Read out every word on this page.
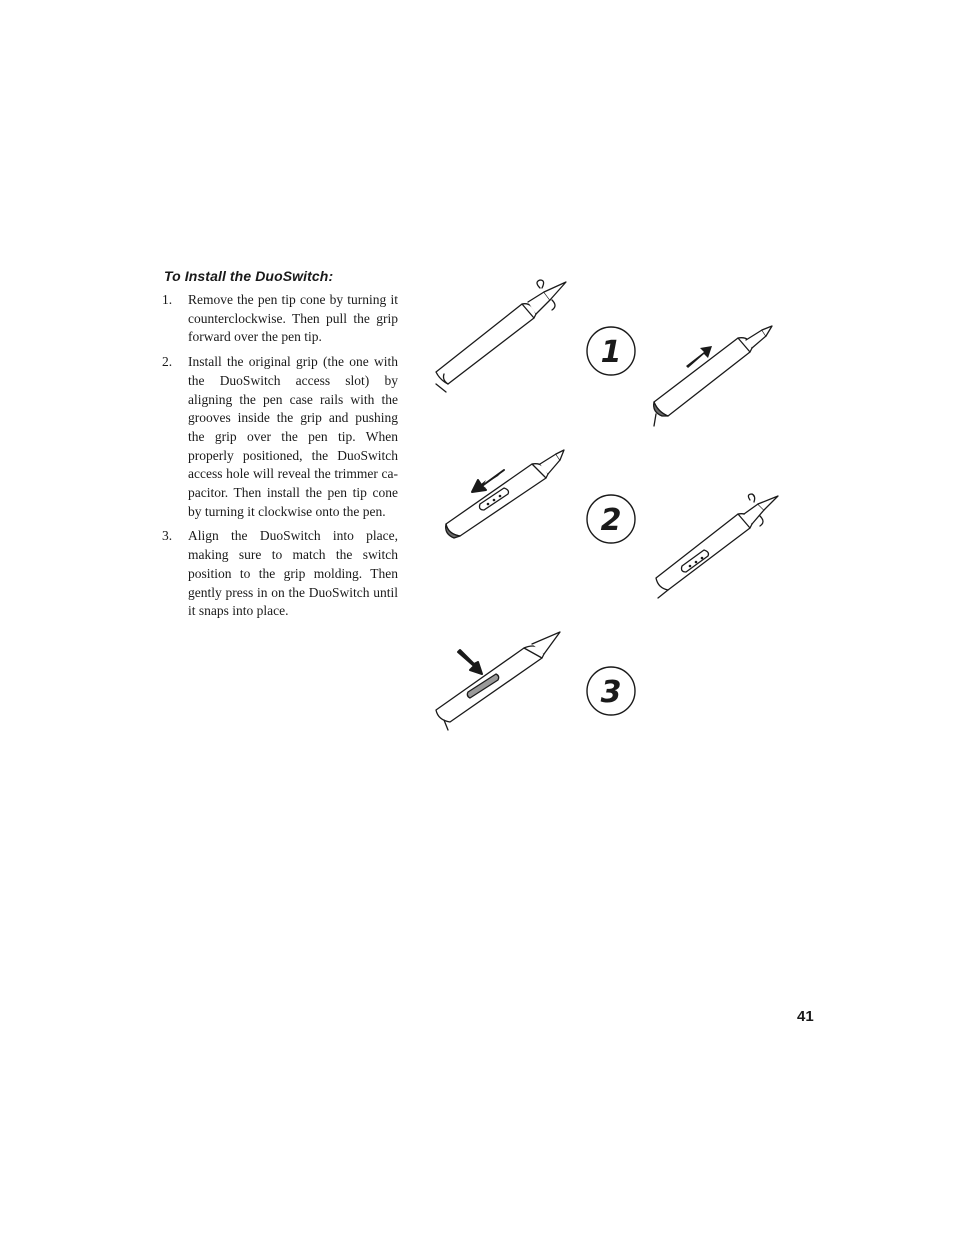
To Install the DuoSwitch:
1. Remove the pen tip cone by turning it counterclockwise. Then pull the grip forward over the pen tip.
2. Install the original grip (the one with the DuoSwitch access slot) by aligning the pen case rails with the grooves inside the grip and pushing the grip over the pen tip. When properly positioned, the DuoSwitch access hole will reveal the trimmer capacitor. Then install the pen tip cone by turning it clockwise onto the pen.
3. Align the DuoSwitch into place, making sure to match the switch position to the grip molding. Then gently press in on the DuoSwitch until it snaps into place.
1
2
3
41
